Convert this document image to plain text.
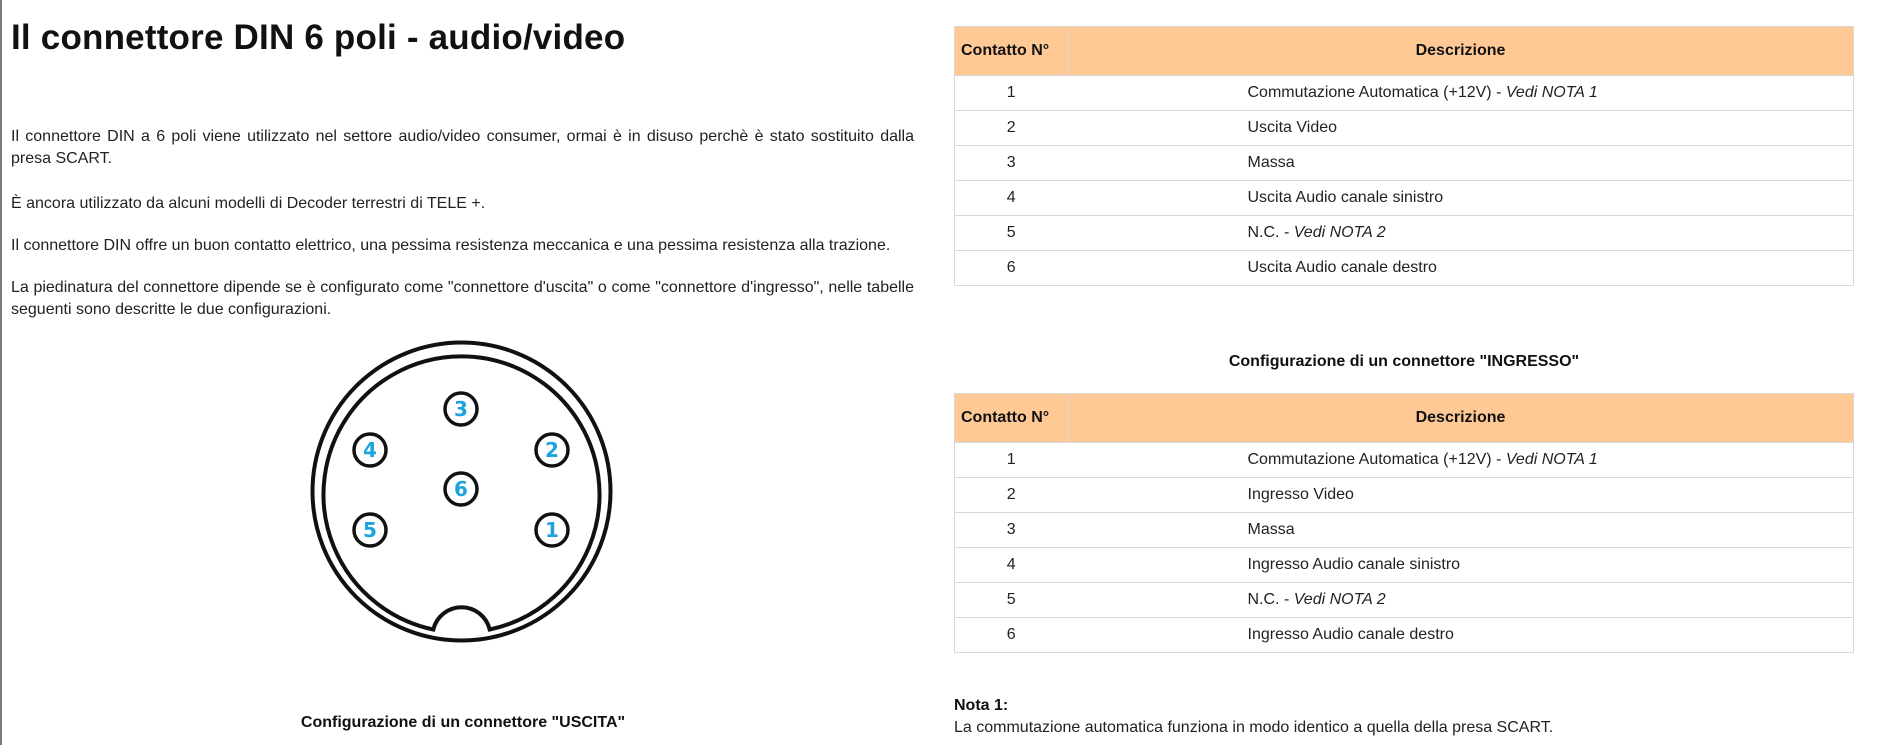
Il connettore DIN 6 poli - audio/video

Il connettore DIN a 6 poli viene utilizzato nel settore audio/video consumer, ormai è in disuso perchè è stato sostituito dalla presa SCART.

È ancora utilizzato da alcuni modelli di Decoder terrestri di TELE +.

Il connettore DIN offre un buon contatto elettrico, una pessima resistenza meccanica e una pessima resistenza alla trazione.

La piedinatura del connettore dipende se è configurato come "connettore d'uscita" o come "connettore d'ingresso", nelle tabelle seguenti sono descritte le due configurazioni.

3
4	2
6
5	1
Configurazione di un connettore "USCITA"
Contatto N°	Descrizione
1	Commutazione Automatica (+12V) - Vedi NOTA 1
2	Uscita Video
3	Massa
4	Uscita Audio canale sinistro
5	N.C. - Vedi NOTA 2
6	Uscita Audio canale destro
Configurazione di un connettore "INGRESSO"
Contatto N°	Descrizione
1	Commutazione Automatica (+12V) - Vedi NOTA 1
2	Ingresso Video
3	Massa
4	Ingresso Audio canale sinistro
5	N.C. - Vedi NOTA 2
6	Ingresso Audio canale destro
Nota 1:
La commutazione automatica funziona in modo identico a quella della presa SCART.
